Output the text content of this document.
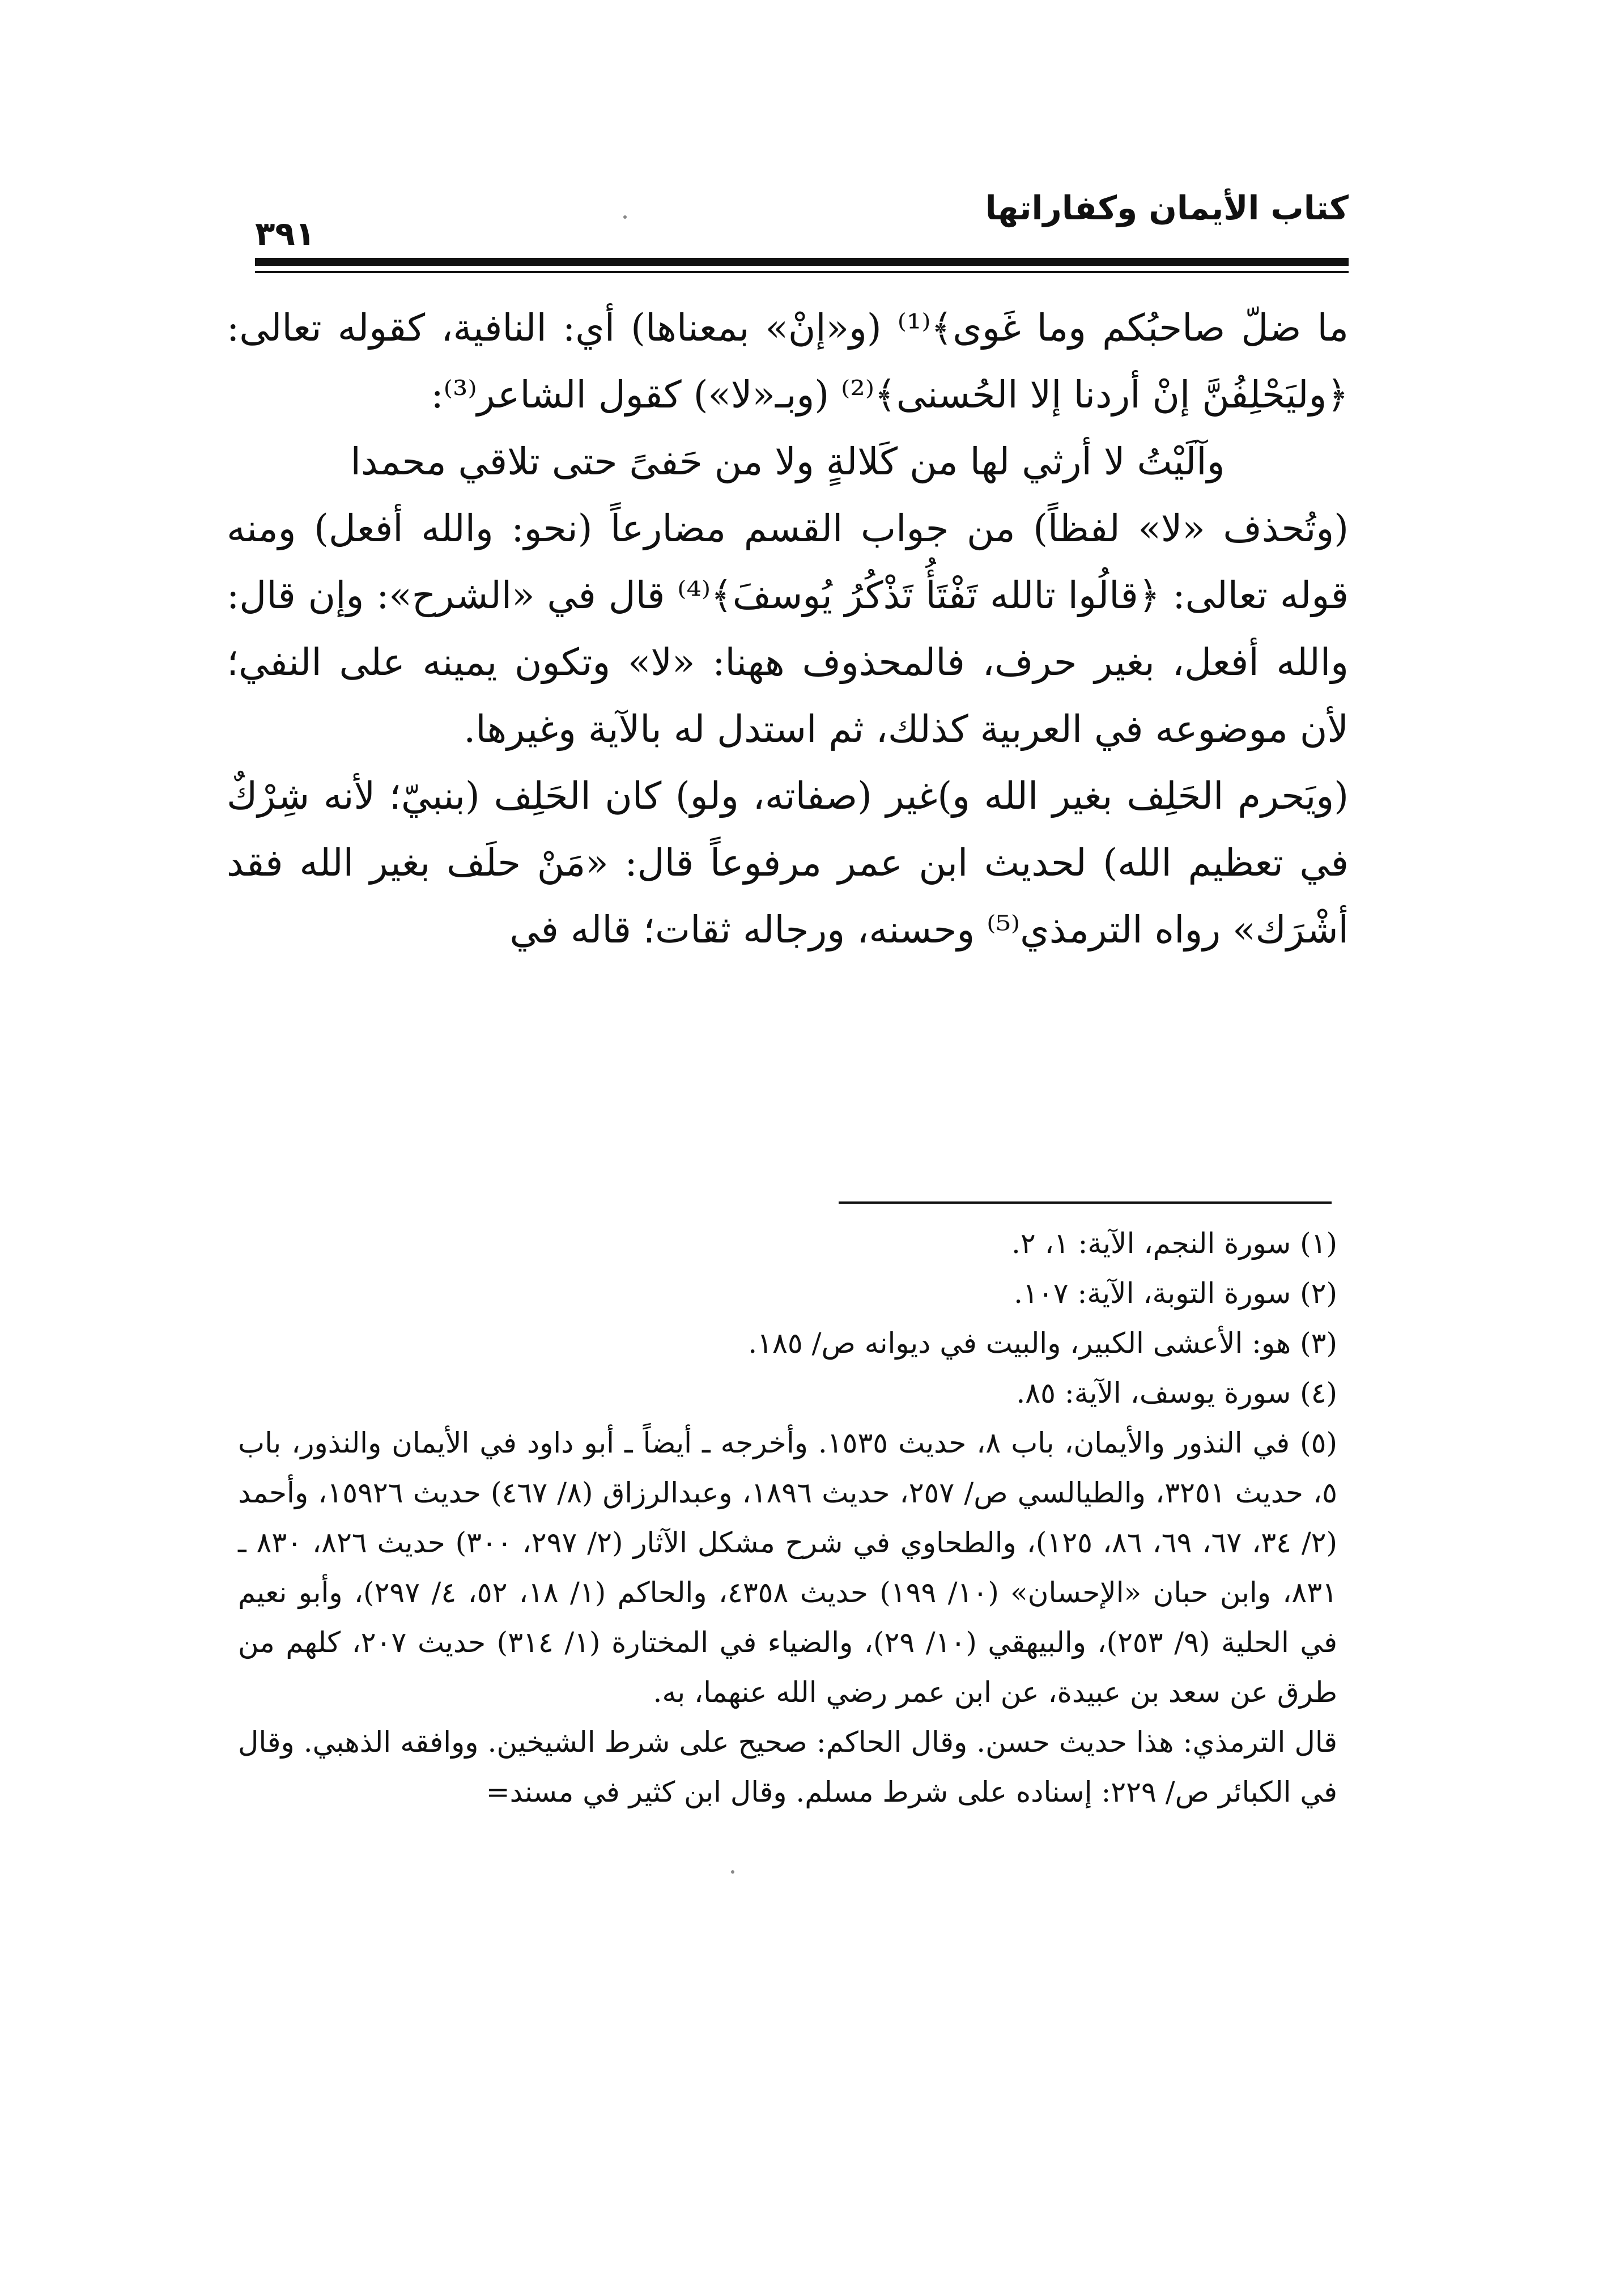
كتاب الأيمان وكفاراتها
٣٩١

ما ضلّ صاحبُكم وما غَوى﴾⁽¹⁾ (و«إنْ» بمعناها) أي: النافية، كقوله تعالى: ﴿وليَحْلِفُنَّ إنْ أردنا إلا الحُسنى﴾⁽²⁾ (وبـ«لا») كقول الشاعر⁽³⁾:

وآلَيْتُ لا أرثي لها من كَلالةٍ ولا من حَفىً حتى تلاقي محمدا

(وتُحذف «لا» لفظاً) من جواب القسم مضارعاً (نحو: والله أفعل) ومنه قوله تعالى: ﴿قالُوا تالله تَفْتَأُ تَذْكُرُ يُوسفَ﴾⁽⁴⁾ قال في «الشرح»: وإن قال: والله أفعل، بغير حرف، فالمحذوف ههنا: «لا» وتكون يمينه على النفي؛ لأن موضوعه في العربية كذلك، ثم استدل له بالآية وغيرها.

(ويَحرم الحَلِف بغير الله و)غير (صفاته، ولو) كان الحَلِف (بنبيّ؛ لأنه شِرْكٌ في تعظيم الله) لحديث ابن عمر مرفوعاً قال: «مَنْ حلَف بغير الله فقد أشْرَك» رواه الترمذي⁽⁵⁾ وحسنه، ورجاله ثقات؛ قاله في

(١) سورة النجم، الآية: ١، ٢.

(٢) سورة التوبة، الآية: ١٠٧.

(٣) هو: الأعشى الكبير، والبيت في ديوانه ص/ ١٨٥.

(٤) سورة يوسف، الآية: ٨٥.

(٥) في النذور والأيمان، باب ٨، حديث ١٥٣٥. وأخرجه ـ أيضاً ـ أبو داود في الأيمان والنذور، باب ٥، حديث ٣٢٥١، والطيالسي ص/ ٢٥٧، حديث ١٨٩٦، وعبدالرزاق (٨/ ٤٦٧) حديث ١٥٩٢٦، وأحمد (٢/ ٣٤، ٦٧، ٦٩، ٨٦، ١٢٥)، والطحاوي في شرح مشكل الآثار (٢/ ٢٩٧، ٣٠٠) حديث ٨٢٦، ٨٣٠ ـ ٨٣١، وابن حبان «الإحسان» (١٠/ ١٩٩) حديث ٤٣٥٨، والحاكم (١/ ١٨، ٥٢، ٤/ ٢٩٧)، وأبو نعيم في الحلية (٩/ ٢٥٣)، والبيهقي (١٠/ ٢٩)، والضياء في المختارة (١/ ٣١٤) حديث ٢٠٧، كلهم من طرق عن سعد بن عبيدة، عن ابن عمر رضي الله عنهما، به.

قال الترمذي: هذا حديث حسن. وقال الحاكم: صحيح على شرط الشيخين. ووافقه الذهبي. وقال في الكبائر ص/ ٢٢٩: إسناده على شرط مسلم. وقال ابن كثير في مسند=
